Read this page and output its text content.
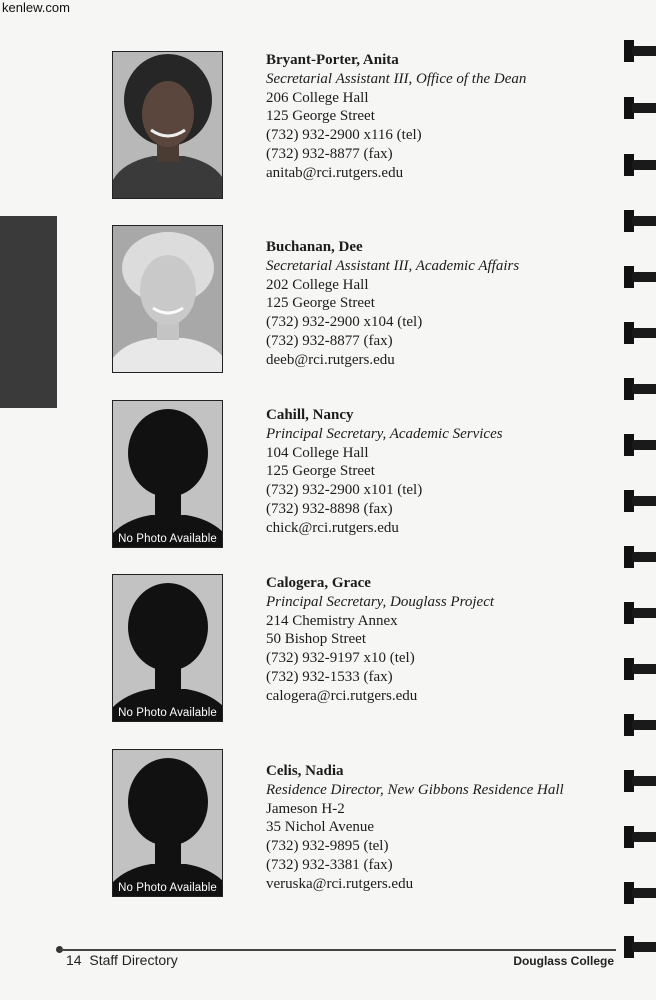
kenlew.com
Bryant-Porter, Anita
Secretarial Assistant III, Office of the Dean
206 College Hall
125 George Street
(732) 932-2900 x116 (tel)
(732) 932-8877 (fax)
anitab@rci.rutgers.edu
Buchanan, Dee
Secretarial Assistant III, Academic Affairs
202 College Hall
125 George Street
(732) 932-2900 x104 (tel)
(732) 932-8877 (fax)
deeb@rci.rutgers.edu
No Photo Available
Cahill, Nancy
Principal Secretary, Academic Services
104 College Hall
125 George Street
(732) 932-2900 x101 (tel)
(732) 932-8898 (fax)
chick@rci.rutgers.edu
No Photo Available
Calogera, Grace
Principal Secretary, Douglass Project
214 Chemistry Annex
50 Bishop Street
(732) 932-9197 x10 (tel)
(732) 932-1533 (fax)
calogera@rci.rutgers.edu
No Photo Available
Celis, Nadia
Residence Director, New Gibbons Residence Hall
Jameson H-2
35 Nichol Avenue
(732) 932-9895 (tel)
(732) 932-3381 (fax)
veruska@rci.rutgers.edu
14  Staff Directory	Douglass College
